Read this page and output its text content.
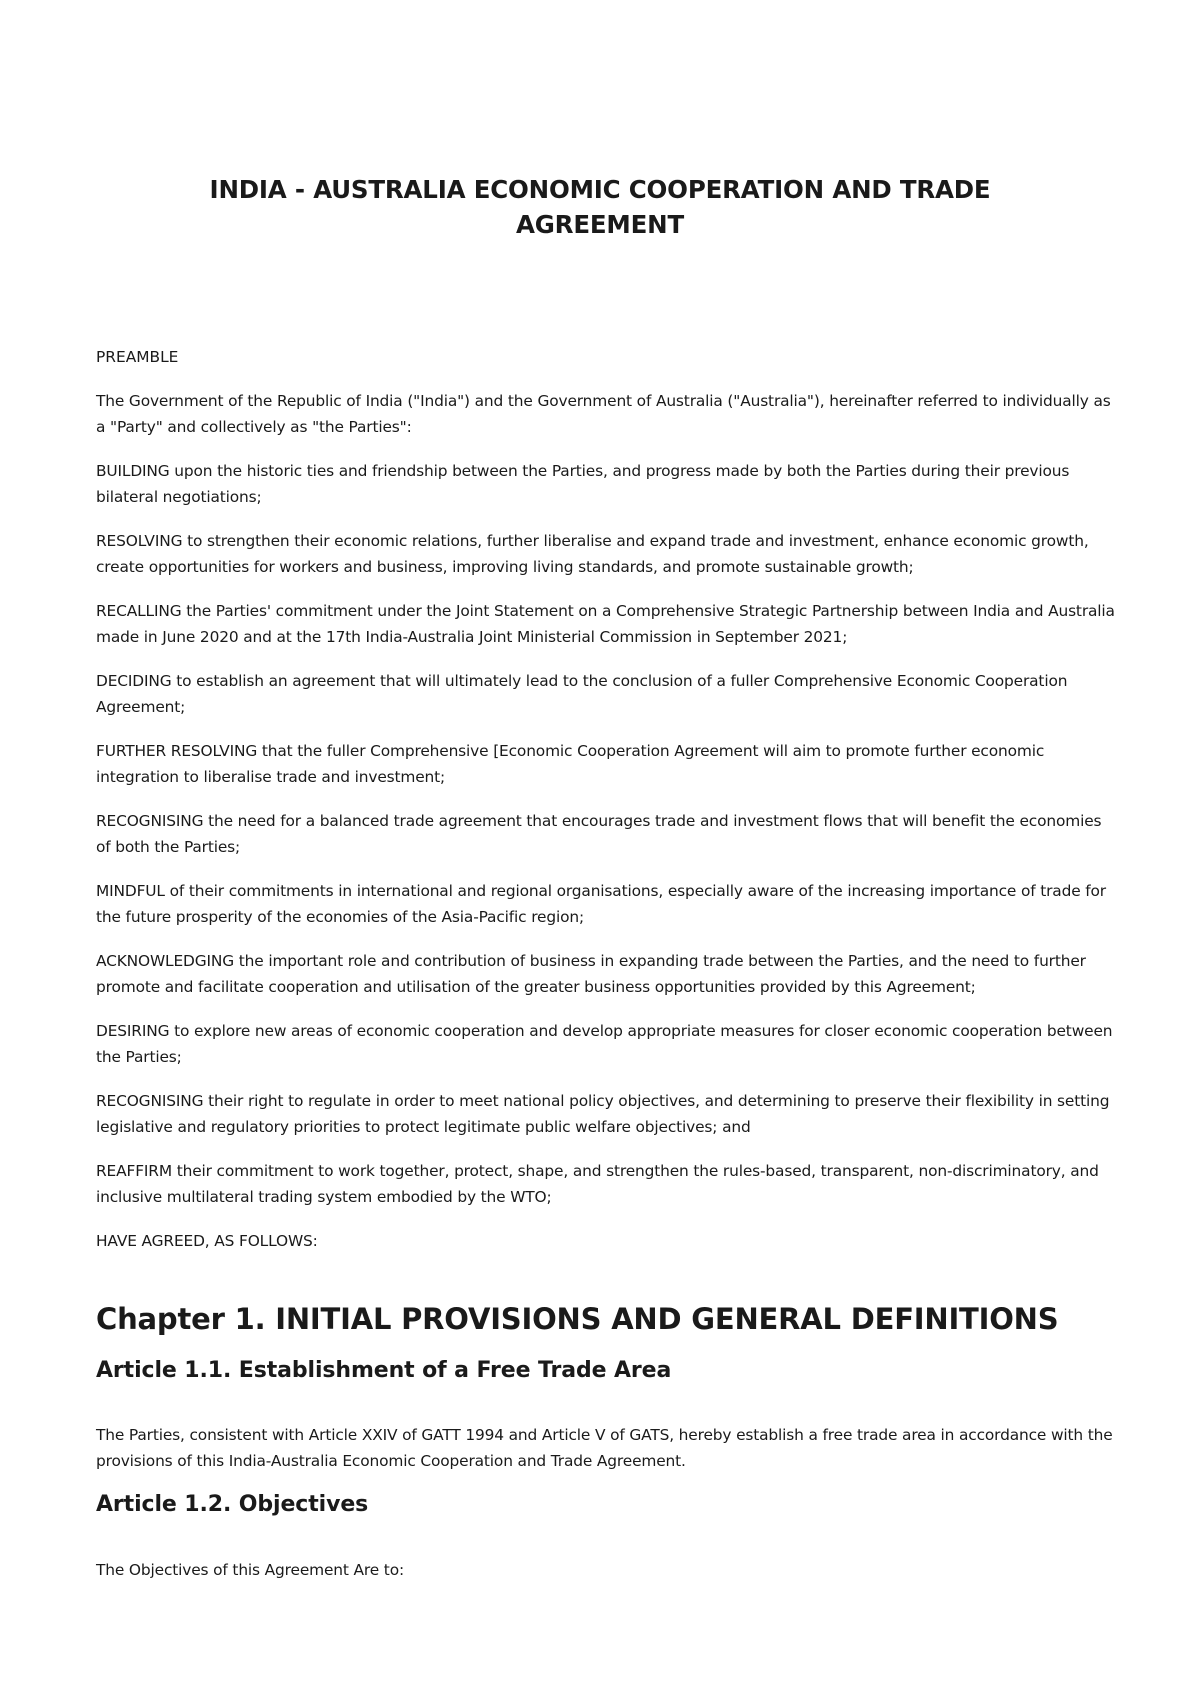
INDIA - AUSTRALIA ECONOMIC COOPERATION AND TRADE AGREEMENT

PREAMBLE

The Government of the Republic of India ("India") and the Government of Australia ("Australia"), hereinafter referred to individually as a "Party" and collectively as "the Parties":

BUILDING upon the historic ties and friendship between the Parties, and progress made by both the Parties during their previous bilateral negotiations;

RESOLVING to strengthen their economic relations, further liberalise and expand trade and investment, enhance economic growth, create opportunities for workers and business, improving living standards, and promote sustainable growth;

RECALLING the Parties' commitment under the Joint Statement on a Comprehensive Strategic Partnership between India and Australia made in June 2020 and at the 17th India-Australia Joint Ministerial Commission in September 2021;

DECIDING to establish an agreement that will ultimately lead to the conclusion of a fuller Comprehensive Economic Cooperation Agreement;

FURTHER RESOLVING that the fuller Comprehensive [Economic Cooperation Agreement will aim to promote further economic integration to liberalise trade and investment;

RECOGNISING the need for a balanced trade agreement that encourages trade and investment flows that will benefit the economies of both the Parties;

MINDFUL of their commitments in international and regional organisations, especially aware of the increasing importance of trade for the future prosperity of the economies of the Asia-Pacific region;

ACKNOWLEDGING the important role and contribution of business in expanding trade between the Parties, and the need to further promote and facilitate cooperation and utilisation of the greater business opportunities provided by this Agreement;

DESIRING to explore new areas of economic cooperation and develop appropriate measures for closer economic cooperation between the Parties;

RECOGNISING their right to regulate in order to meet national policy objectives, and determining to preserve their flexibility in setting legislative and regulatory priorities to protect legitimate public welfare objectives; and

REAFFIRM their commitment to work together, protect, shape, and strengthen the rules-based, transparent, non-discriminatory, and inclusive multilateral trading system embodied by the WTO;

HAVE AGREED, AS FOLLOWS:

Chapter 1. INITIAL PROVISIONS AND GENERAL DEFINITIONS
Article 1.1. Establishment of a Free Trade Area

The Parties, consistent with Article XXIV of GATT 1994 and Article V of GATS, hereby establish a free trade area in accordance with the provisions of this India-Australia Economic Cooperation and Trade Agreement.

Article 1.2. Objectives

The Objectives of this Agreement Are to:
